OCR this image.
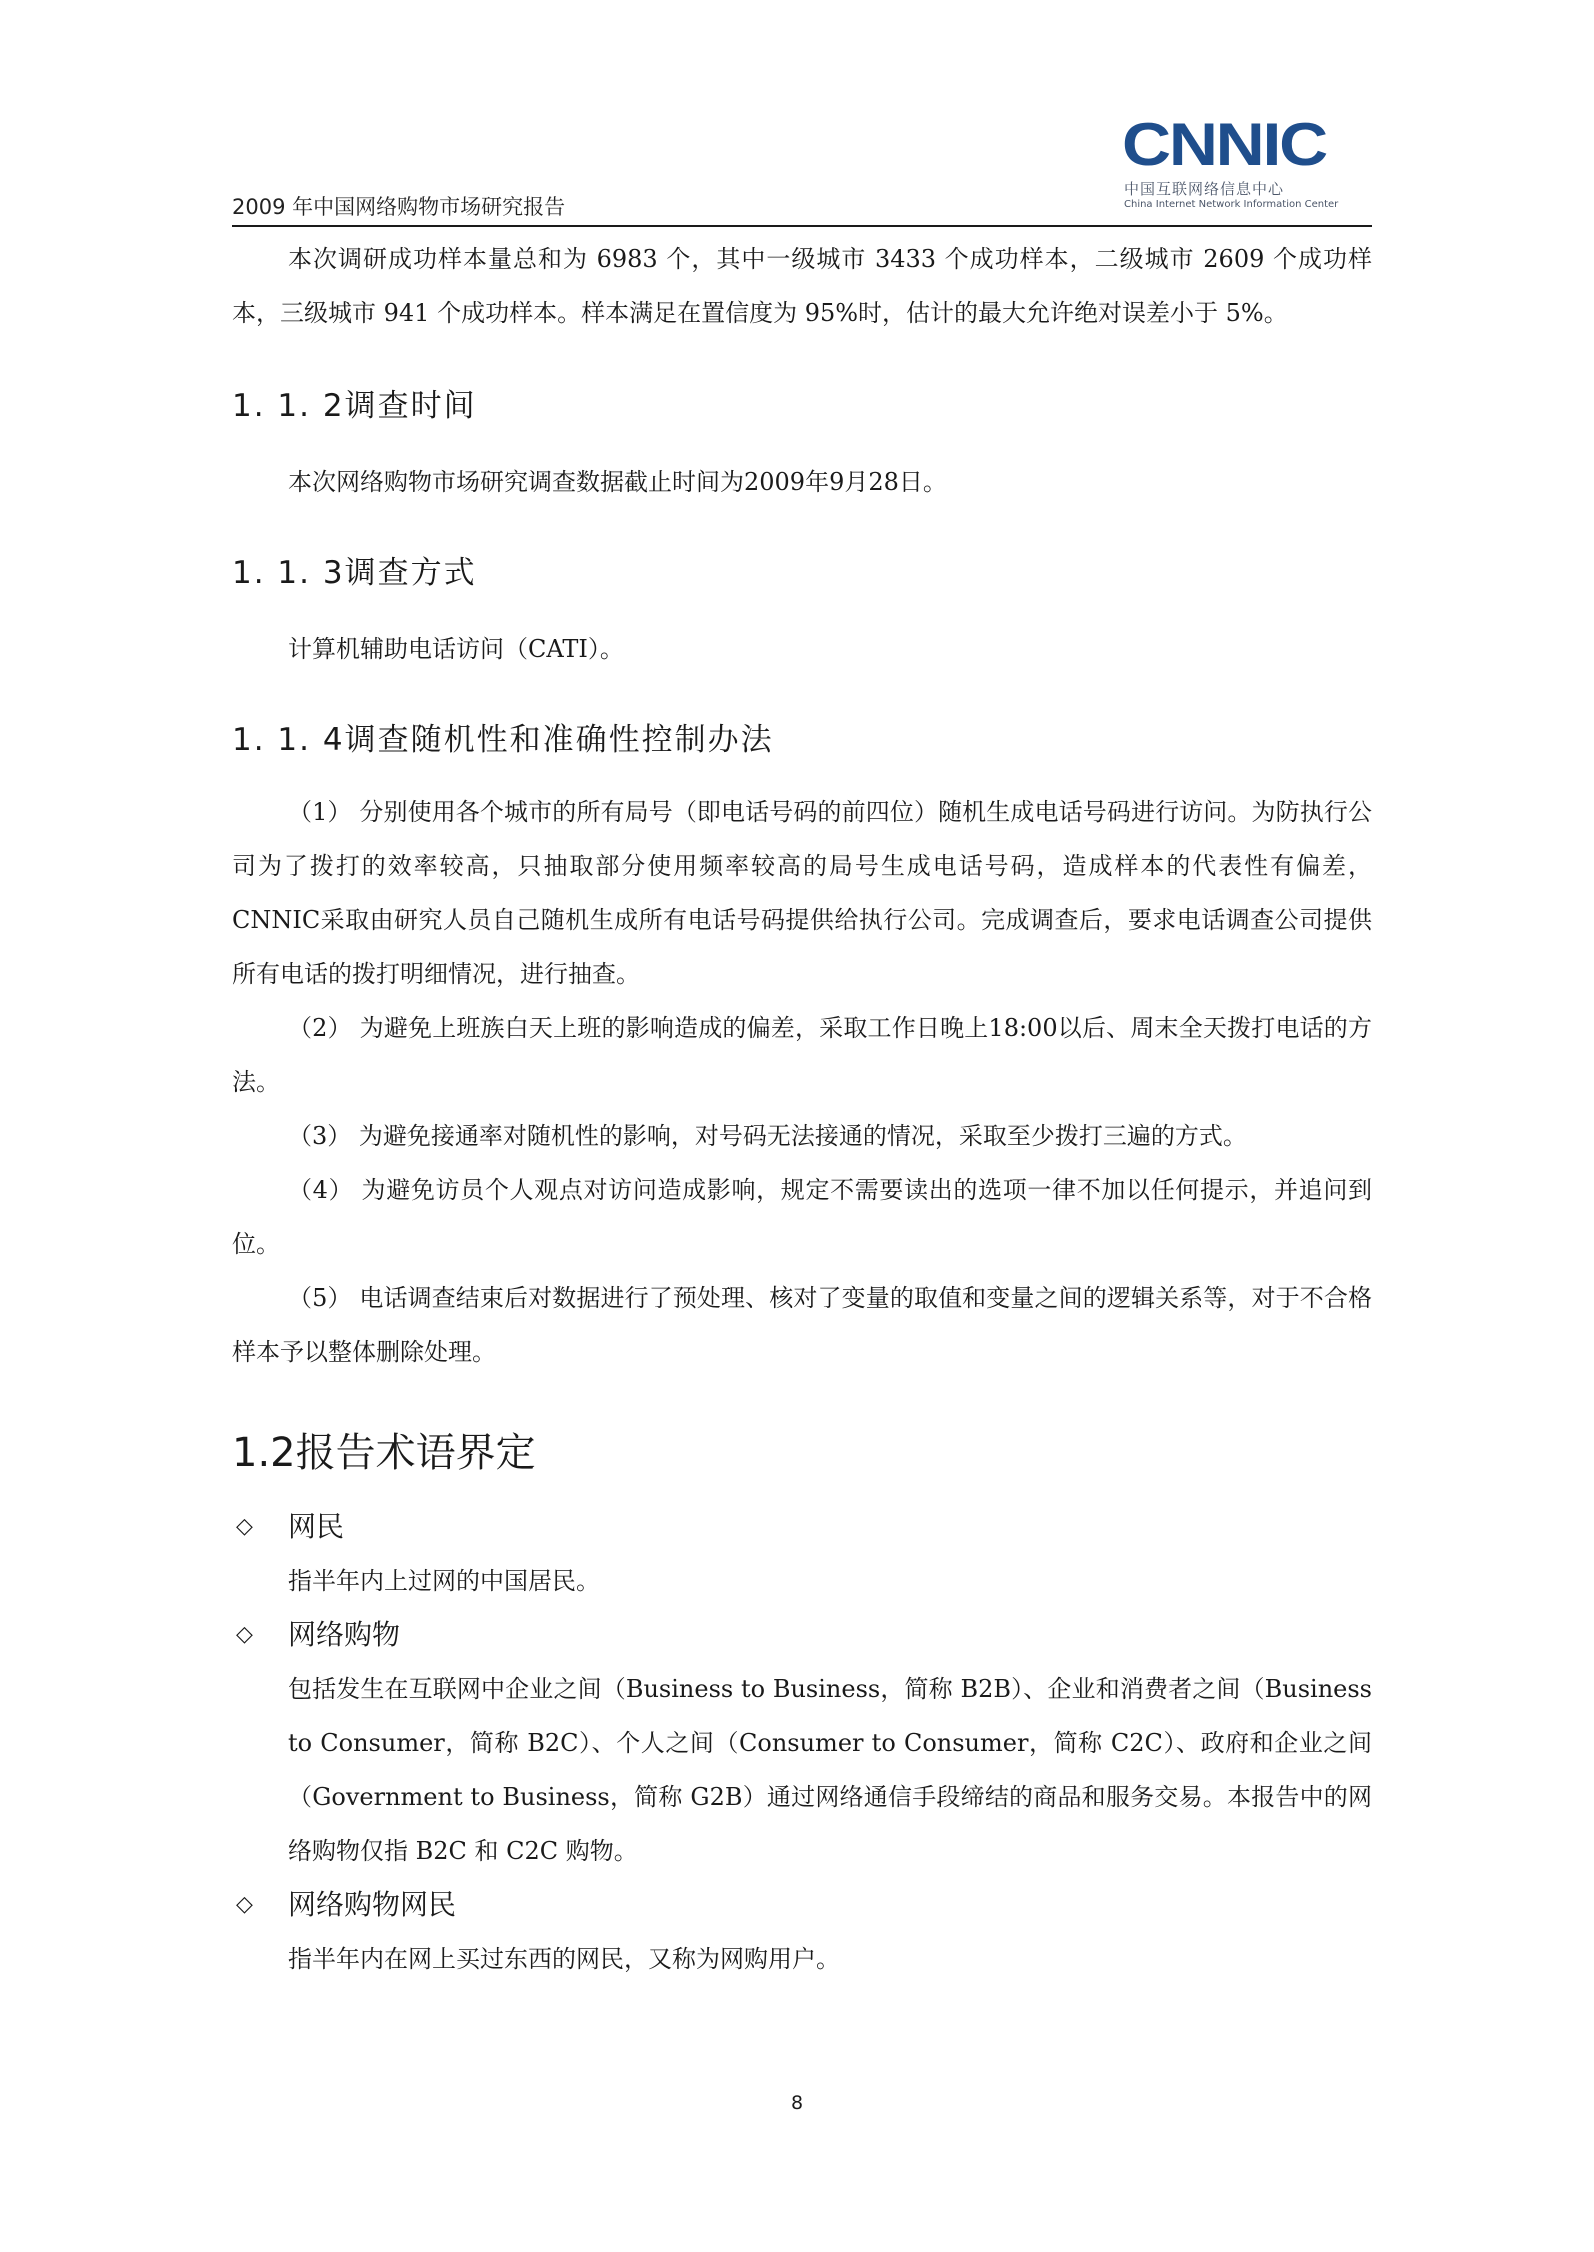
2009 年中国网络购物市场研究报告
CNNIC
中国互联网络信息中心
China Internet Network Information Center

本次调研成功样本量总和为 6983 个，其中一级城市 3433 个成功样本，二级城市 2609 个成功样本，三级城市 941 个成功样本。样本满足在置信度为 95%时，估计的最大允许绝对误差小于 5%。

1. 1. 2调查时间

本次网络购物市场研究调查数据截止时间为2009年9月28日。

1. 1. 3调查方式

计算机辅助电话访问（CATI）。

1. 1. 4调查随机性和准确性控制办法

（1） 分别使用各个城市的所有局号（即电话号码的前四位）随机生成电话号码进行访问。为防执行公司为了拨打的效率较高，只抽取部分使用频率较高的局号生成电话号码，造成样本的代表性有偏差，CNNIC采取由研究人员自己随机生成所有电话号码提供给执行公司。完成调查后，要求电话调查公司提供所有电话的拨打明细情况，进行抽查。

（2） 为避免上班族白天上班的影响造成的偏差，采取工作日晚上18:00以后、周末全天拨打电话的方法。

（3） 为避免接通率对随机性的影响，对号码无法接通的情况，采取至少拨打三遍的方式。

（4） 为避免访员个人观点对访问造成影响，规定不需要读出的选项一律不加以任何提示，并追问到位。

（5） 电话调查结束后对数据进行了预处理、核对了变量的取值和变量之间的逻辑关系等，对于不合格样本予以整体删除处理。

1.2报告术语界定
◇ 网民

指半年内上过网的中国居民。

◇ 网络购物

包括发生在互联网中企业之间（Business to Business，简称 B2B）、企业和消费者之间（Business to Consumer，简称 B2C）、个人之间（Consumer to Consumer，简称 C2C）、政府和企业之间（Government to Business，简称 G2B）通过网络通信手段缔结的商品和服务交易。本报告中的网络购物仅指 B2C 和 C2C 购物。

◇ 网络购物网民

指半年内在网上买过东西的网民，又称为网购用户。

8
